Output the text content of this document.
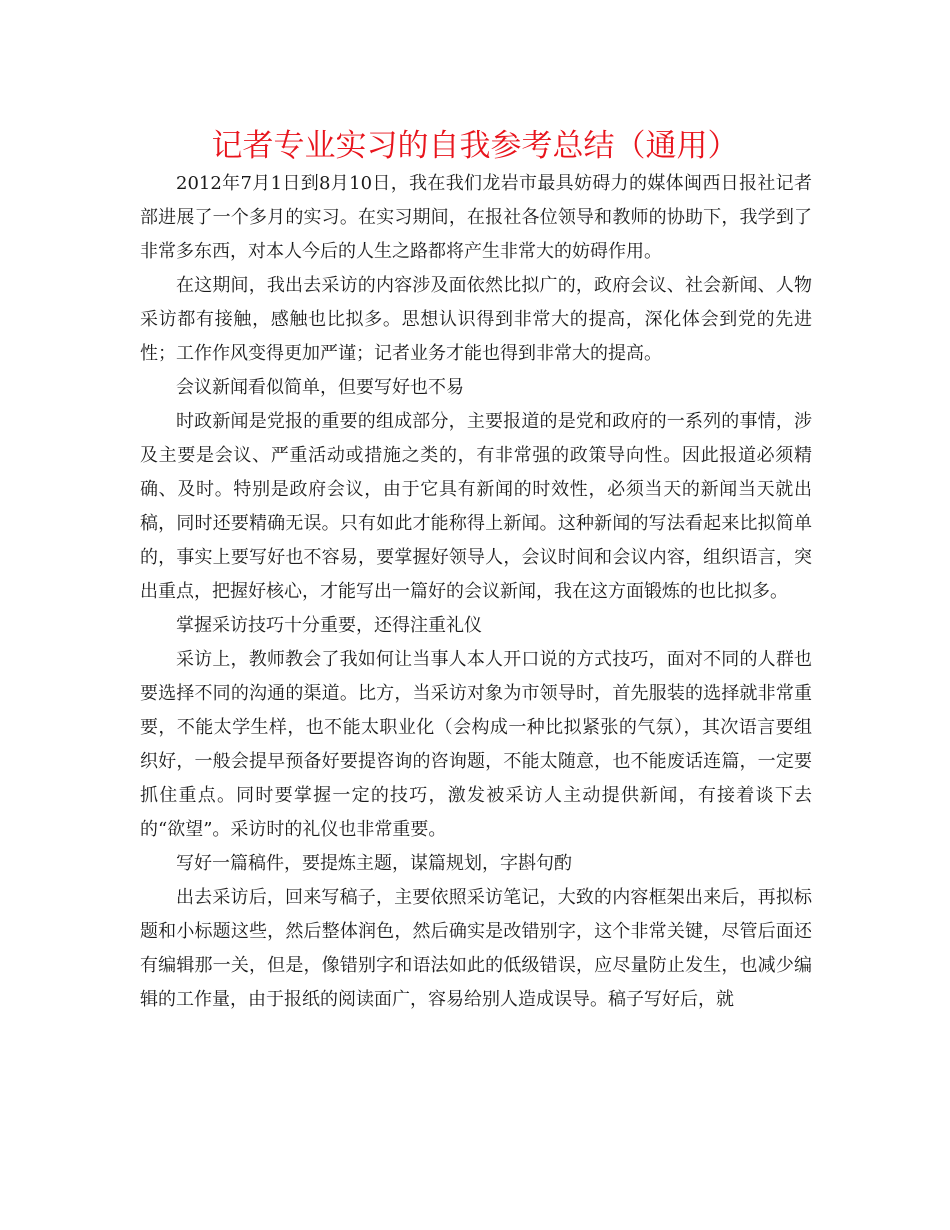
记者专业实习的自我参考总结（通用）

2012年7月1日到8月10日，我在我们龙岩市最具妨碍力的媒体闽西日报社记者部进展了一个多月的实习。在实习期间，在报社各位领导和教师的协助下，我学到了非常多东西，对本人今后的人生之路都将产生非常大的妨碍作用。

在这期间，我出去采访的内容涉及面依然比拟广的，政府会议、社会新闻、人物采访都有接触，感触也比拟多。思想认识得到非常大的提高，深化体会到党的先进性；工作作风变得更加严谨；记者业务才能也得到非常大的提高。

会议新闻看似简单，但要写好也不易

时政新闻是党报的重要的组成部分，主要报道的是党和政府的一系列的事情，涉及主要是会议、严重活动或措施之类的，有非常强的政策导向性。因此报道必须精确、及时。特别是政府会议，由于它具有新闻的时效性，必须当天的新闻当天就出稿，同时还要精确无误。只有如此才能称得上新闻。这种新闻的写法看起来比拟简单的，事实上要写好也不容易，要掌握好领导人，会议时间和会议内容，组织语言，突出重点，把握好核心，才能写出一篇好的会议新闻，我在这方面锻炼的也比拟多。

掌握采访技巧十分重要，还得注重礼仪

采访上，教师教会了我如何让当事人本人开口说的方式技巧，面对不同的人群也要选择不同的沟通的渠道。比方，当采访对象为市领导时，首先服装的选择就非常重要，不能太学生样，也不能太职业化（会构成一种比拟紧张的气氛），其次语言要组织好，一般会提早预备好要提咨询的咨询题，不能太随意，也不能废话连篇，一定要抓住重点。同时要掌握一定的技巧，激发被采访人主动提供新闻，有接着谈下去的“欲望”。采访时的礼仪也非常重要。

写好一篇稿件，要提炼主题，谋篇规划，字斟句酌

出去采访后，回来写稿子，主要依照采访笔记，大致的内容框架出来后，再拟标题和小标题这些，然后整体润色，然后确实是改错别字，这个非常关键，尽管后面还有编辑那一关，但是，像错别字和语法如此的低级错误，应尽量防止发生，也减少编辑的工作量，由于报纸的阅读面广，容易给别人造成误导。稿子写好后，就
